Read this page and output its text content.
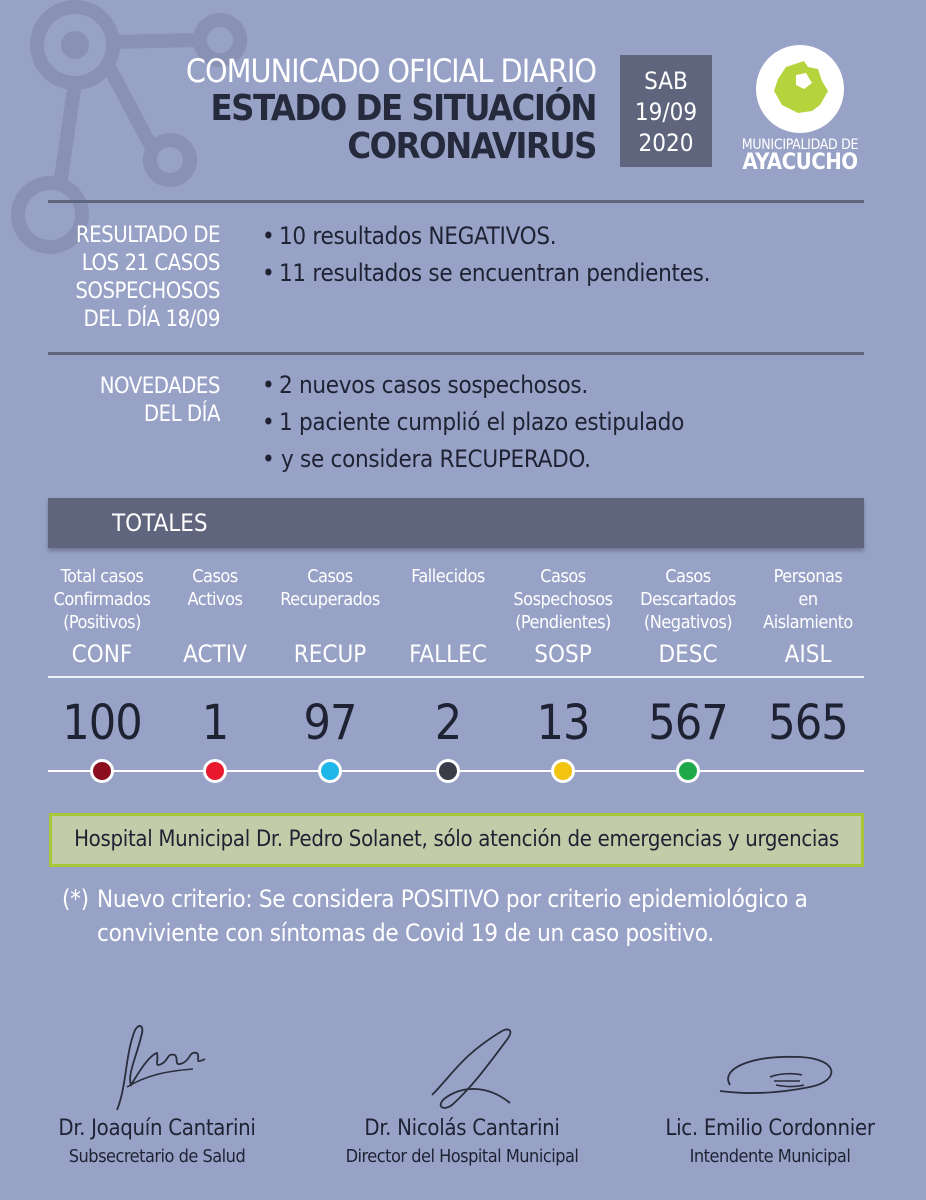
COMUNICADO OFICIAL DIARIO
ESTADO DE SITUACIÓN
CORONAVIRUS
SAB
19/09
2020	MUNICIPALIDAD DE
AYACUCHO
RESULTADO DE
LOS 21 CASOS
SOSPECHOSOS
DEL DÍA 18/09
• 10 resultados NEGATIVOS.
• 11 resultados se encuentran pendientes.
NOVEDADES
DEL DÍA
• 2 nuevos casos sospechosos.
• 1 paciente cumplió el plazo estipulado
• y se considera RECUPERADO.
TOTALES
Total casos
Confirmados
(Positivos)
CONF
100
Casos
Activos
ACTIV
1
Casos
Recuperados
RECUP
97
Fallecidos
FALLEC
2
Casos
Sospechosos
(Pendientes)
SOSP
13
Casos
Descartados
(Negativos)
DESC
567
Personas
en
Aislamiento
AISL
565
Hospital Municipal Dr. Pedro Solanet, sólo atención de emergencias y urgencias
(*) Nuevo criterio: Se considera POSITIVO por criterio epidemiológico a
conviviente con síntomas de Covid 19 de un caso positivo.
Dr. Joaquín Cantarini
Subsecretario de Salud
Dr. Nicolás Cantarini
Director del Hospital Municipal
Lic. Emilio Cordonnier
Intendente Municipal
